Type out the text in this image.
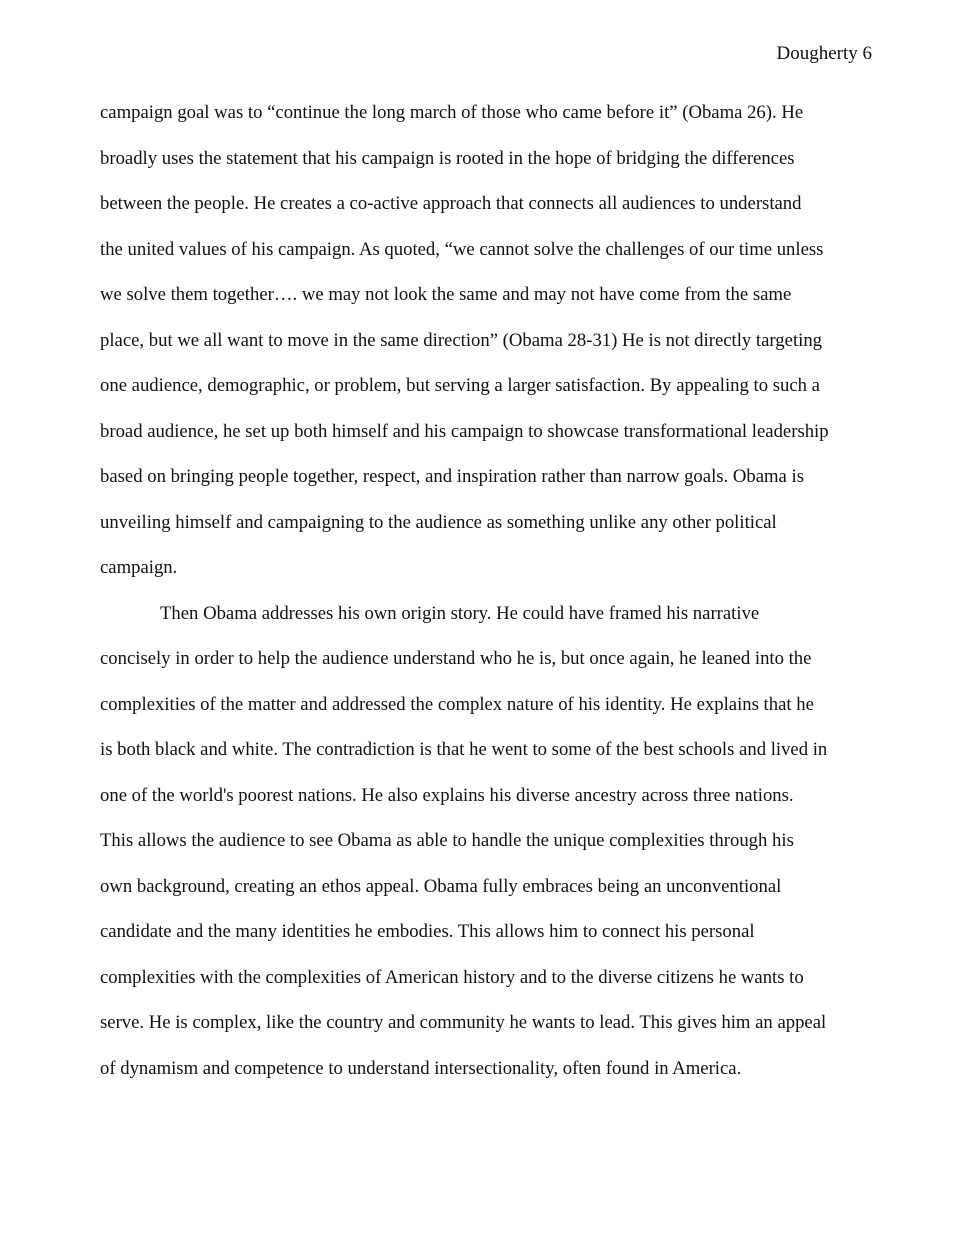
Dougherty 6
campaign goal was to “continue the long march of those who came before it” (Obama 26). He
broadly uses the statement that his campaign is rooted in the hope of bridging the differences
between the people. He creates a co-active approach that connects all audiences to understand
the united values of his campaign. As quoted, “we cannot solve the challenges of our time unless
we solve them together…. we may not look the same and may not have come from the same
place, but we all want to move in the same direction” (Obama 28-31) He is not directly targeting
one audience, demographic, or problem, but serving a larger satisfaction. By appealing to such a
broad audience, he set up both himself and his campaign to showcase transformational leadership
based on bringing people together, respect, and inspiration rather than narrow goals. Obama is
unveiling himself and campaigning to the audience as something unlike any other political
campaign.
Then Obama addresses his own origin story. He could have framed his narrative
concisely in order to help the audience understand who he is, but once again, he leaned into the
complexities of the matter and addressed the complex nature of his identity. He explains that he
is both black and white. The contradiction is that he went to some of the best schools and lived in
one of the world's poorest nations. He also explains his diverse ancestry across three nations.
This allows the audience to see Obama as able to handle the unique complexities through his
own background, creating an ethos appeal. Obama fully embraces being an unconventional
candidate and the many identities he embodies. This allows him to connect his personal
complexities with the complexities of American history and to the diverse citizens he wants to
serve. He is complex, like the country and community he wants to lead. This gives him an appeal
of dynamism and competence to understand intersectionality, often found in America.
